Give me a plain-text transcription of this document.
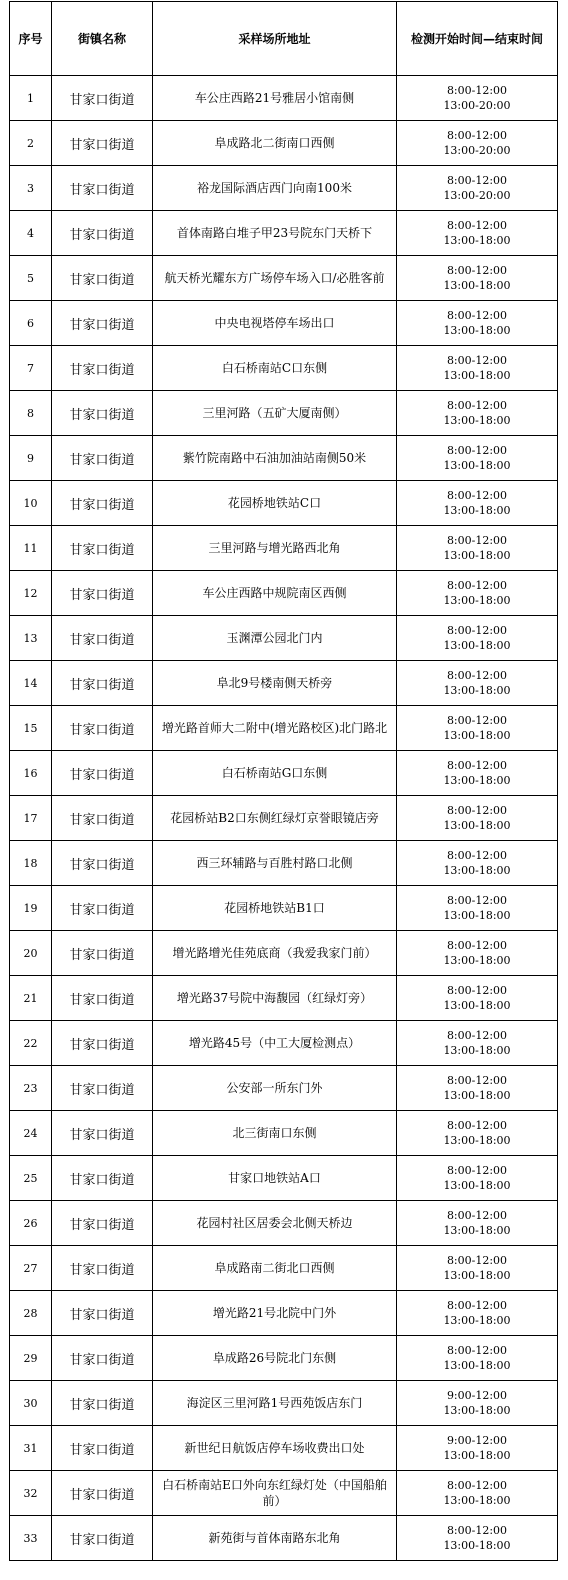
序号	街镇名称	采样场所地址	检测开始时间—结束时间
1	甘家口街道	车公庄西路21号雅居小馆南侧	8:00-12:00
13:00-20:00

2	甘家口街道	阜成路北二街南口西侧	8:00-12:00
13:00-20:00

3	甘家口街道	裕龙国际酒店西门向南100米	8:00-12:00
13:00-20:00

4	甘家口街道	首体南路白堆子甲23号院东门天桥下	8:00-12:00
13:00-18:00

5	甘家口街道	航天桥光耀东方广场停车场入口/必胜客前	8:00-12:00
13:00-18:00

6	甘家口街道	中央电视塔停车场出口	8:00-12:00
13:00-18:00

7	甘家口街道	白石桥南站C口东侧	8:00-12:00
13:00-18:00

8	甘家口街道	三里河路（五矿大厦南侧）	8:00-12:00
13:00-18:00

9	甘家口街道	紫竹院南路中石油加油站南侧50米	8:00-12:00
13:00-18:00

10	甘家口街道	花园桥地铁站C口	8:00-12:00
13:00-18:00

11	甘家口街道	三里河路与增光路西北角	8:00-12:00
13:00-18:00

12	甘家口街道	车公庄西路中规院南区西侧	8:00-12:00
13:00-18:00

13	甘家口街道	玉渊潭公园北门内	8:00-12:00
13:00-18:00

14	甘家口街道	阜北9号楼南侧天桥旁	8:00-12:00
13:00-18:00

15	甘家口街道	增光路首师大二附中(增光路校区)北门路北	8:00-12:00
13:00-18:00

16	甘家口街道	白石桥南站G口东侧	8:00-12:00
13:00-18:00

17	甘家口街道	花园桥站B2口东侧红绿灯京誉眼镜店旁	8:00-12:00
13:00-18:00

18	甘家口街道	西三环辅路与百胜村路口北侧	8:00-12:00
13:00-18:00

19	甘家口街道	花园桥地铁站B1口	8:00-12:00
13:00-18:00

20	甘家口街道	增光路增光佳苑底商（我爱我家门前）	8:00-12:00
13:00-18:00

21	甘家口街道	增光路37号院中海馥园（红绿灯旁）	8:00-12:00
13:00-18:00

22	甘家口街道	增光路45号（中工大厦检测点）	8:00-12:00
13:00-18:00

23	甘家口街道	公安部一所东门外	8:00-12:00
13:00-18:00

24	甘家口街道	北三街南口东侧	8:00-12:00
13:00-18:00

25	甘家口街道	甘家口地铁站A口	8:00-12:00
13:00-18:00

26	甘家口街道	花园村社区居委会北侧天桥边	8:00-12:00
13:00-18:00

27	甘家口街道	阜成路南二街北口西侧	8:00-12:00
13:00-18:00

28	甘家口街道	增光路21号北院中门外	8:00-12:00
13:00-18:00

29	甘家口街道	阜成路26号院北门东侧	8:00-12:00
13:00-18:00

30	甘家口街道	海淀区三里河路1号西苑饭店东门	9:00-12:00
13:00-18:00

31	甘家口街道	新世纪日航饭店停车场收费出口处	9:00-12:00
13:00-18:00

32	甘家口街道	白石桥南站E口外向东红绿灯处（中国船舶前）	8:00-12:00
13:00-18:00

33	甘家口街道	新苑街与首体南路东北角	8:00-12:00
13:00-18:00
